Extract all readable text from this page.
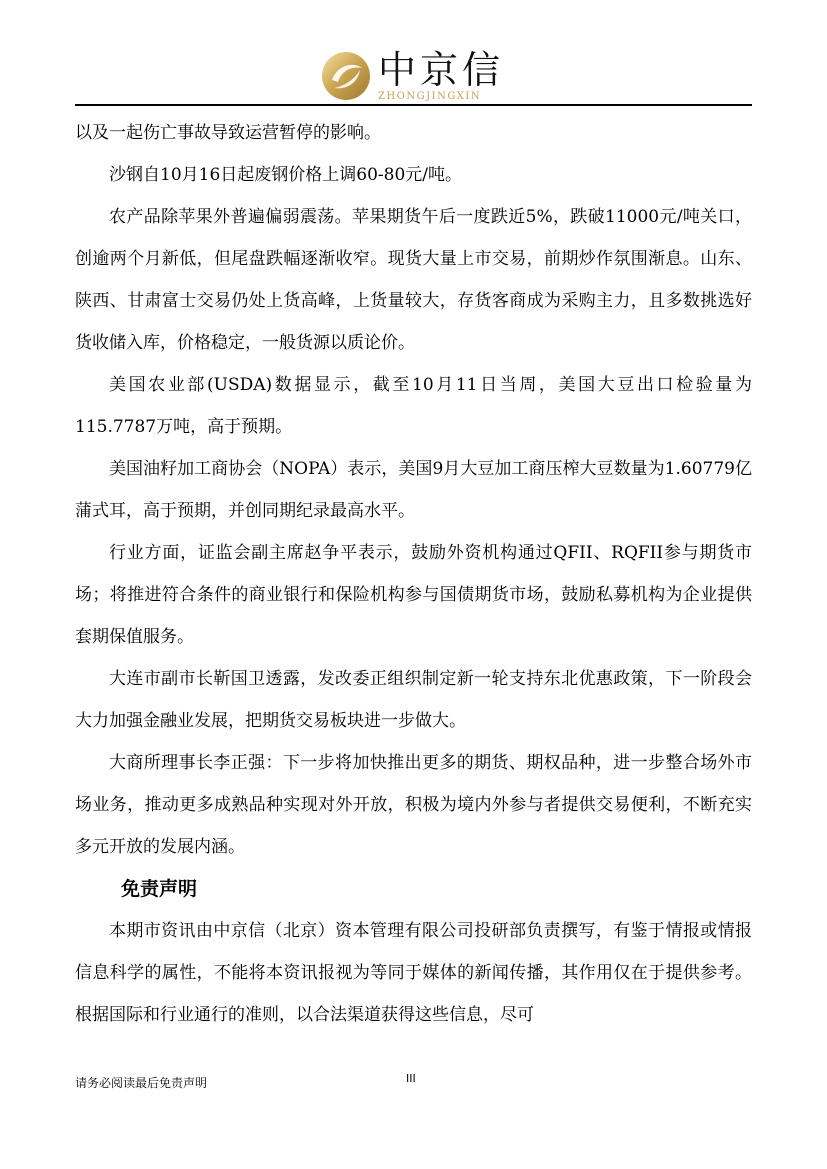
中京信
ZHONGJINGXIN

以及一起伤亡事故导致运营暂停的影响。

沙钢自10月16日起废钢价格上调60-80元/吨。

农产品除苹果外普遍偏弱震荡。苹果期货午后一度跌近5%，跌破11000元/吨关口，创逾两个月新低，但尾盘跌幅逐渐收窄。现货大量上市交易，前期炒作氛围渐息。山东、陕西、甘肃富士交易仍处上货高峰，上货量较大，存货客商成为采购主力，且多数挑选好货收储入库，价格稳定，一般货源以质论价。

美国农业部(USDA)数据显示，截至10月11日当周，美国大豆出口检验量为115.7787万吨，高于预期。

美国油籽加工商协会（NOPA）表示，美国9月大豆加工商压榨大豆数量为1.60779亿蒲式耳，高于预期，并创同期纪录最高水平。

行业方面，证监会副主席赵争平表示，鼓励外资机构通过QFII、RQFII参与期货市场；将推进符合条件的商业银行和保险机构参与国债期货市场，鼓励私募机构为企业提供套期保值服务。

大连市副市长靳国卫透露，发改委正组织制定新一轮支持东北优惠政策，下一阶段会大力加强金融业发展，把期货交易板块进一步做大。

大商所理事长李正强：下一步将加快推出更多的期货、期权品种，进一步整合场外市场业务，推动更多成熟品种实现对外开放，积极为境内外参与者提供交易便利，不断充实多元开放的发展内涵。

免责声明

本期市资讯由中京信（北京）资本管理有限公司投研部负责撰写，有鉴于情报或情报信息科学的属性，不能将本资讯报视为等同于媒体的新闻传播，其作用仅在于提供参考。根据国际和行业通行的准则，以合法渠道获得这些信息，尽可

请务必阅读最后免责声明	III
